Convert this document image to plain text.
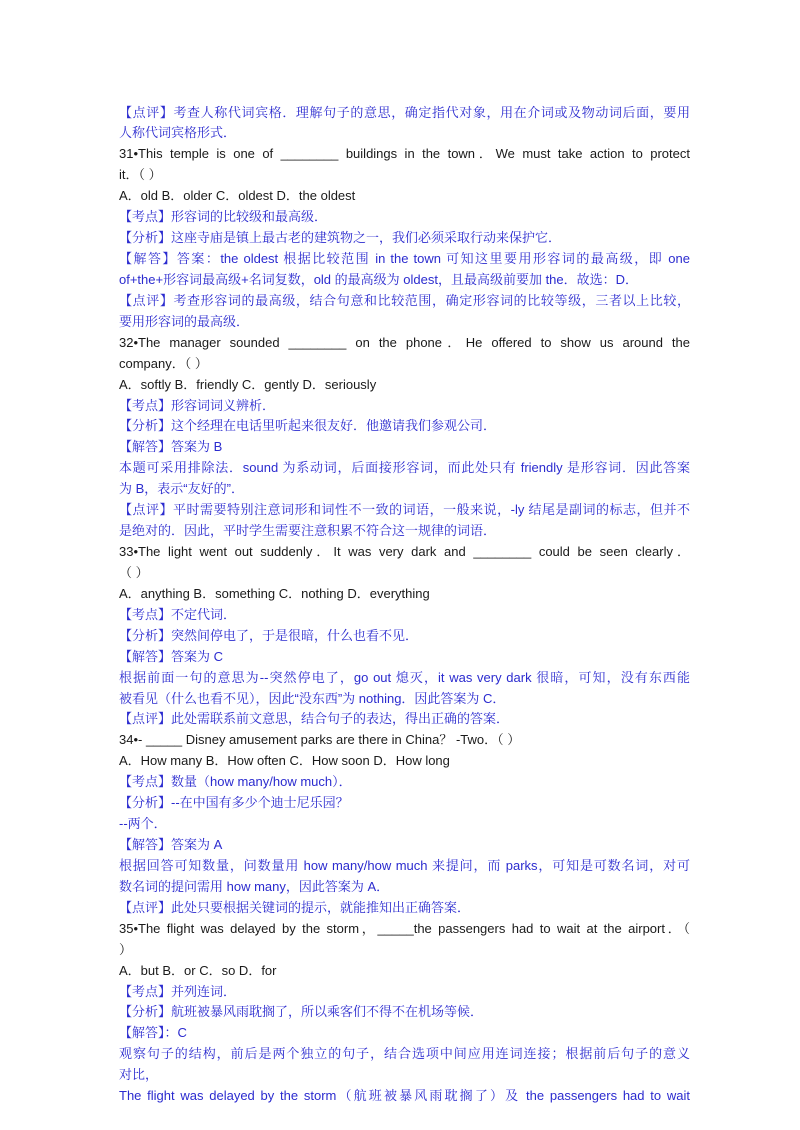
【点评】考查人称代词宾格．理解句子的意思，确定指代对象，用在介词或及物动词后面，要用
人称代词宾格形式．
31•This temple is one of ________ buildings in the town．We must take action to protect
it．（ ）
A．old B．older C．oldest D．the oldest
【考点】形容词的比较级和最高级．
【分析】这座寺庙是镇上最古老的建筑物之一，我们必须采取行动来保护它．
【解答】答案：the oldest 根据比较范围 in the town 可知这里要用形容词的最高级，即 one
of+the+形容词最高级+名词复数，old 的最高级为 oldest，且最高级前要加 the．故选：D．
【点评】考查形容词的最高级，结合句意和比较范围，确定形容词的比较等级，三者以上比较，
要用形容词的最高级．
32•The manager sounded ________ on the phone．He offered to show us around the
company．（ ）
A．softly B．friendly C．gently D．seriously
【考点】形容词词义辨析．
【分析】这个经理在电话里听起来很友好．他邀请我们参观公司．
【解答】答案为 B
本题可采用排除法．sound 为系动词，后面接形容词，而此处只有 friendly 是形容词．因此答案
为 B，表示“友好的”．
【点评】平时需要特别注意词形和词性不一致的词语，一般来说，-ly 结尾是副词的标志，但并不
是绝对的．因此，平时学生需要注意积累不符合这一规律的词语．
33•The light went out suddenly．It was very dark and ________ could be seen clearly．
（ ）
A．anything B．something C．nothing D．everything
【考点】不定代词．
【分析】突然间停电了，于是很暗，什么也看不见．
【解答】答案为 C
根据前面一句的意思为--突然停电了，go out 熄灭，it was very dark 很暗，可知，没有东西能
被看见（什么也看不见），因此“没东西”为 nothing．因此答案为 C．
【点评】此处需联系前文意思，结合句子的表达，得出正确的答案．
34•- _____ Disney amusement parks are there in China？ -Two．（ ）
A．How many B．How often C．How soon D．How long
【考点】数量（how many/how much）．
【分析】--在中国有多少个迪士尼乐园？
--两个．
【解答】答案为 A
根据回答可知数量，问数量用 how many/how much 来提问，而 parks，可知是可数名词，对可
数名词的提问需用 how many，因此答案为 A．
【点评】此处只要根据关键词的提示，就能推知出正确答案．
35•The flight was delayed by the storm，_____the passengers had to wait at the airport．（
）
A．but B．or C．so D．for
【考点】并列连词．
【分析】航班被暴风雨耽搁了，所以乘客们不得不在机场等候．
【解答】：C
观察句子的结构，前后是两个独立的句子，结合选项中间应用连词连接；根据前后句子的意义
对比，
The flight was delayed by the storm（航班被暴风雨耽搁了）及 the passengers had to wait
